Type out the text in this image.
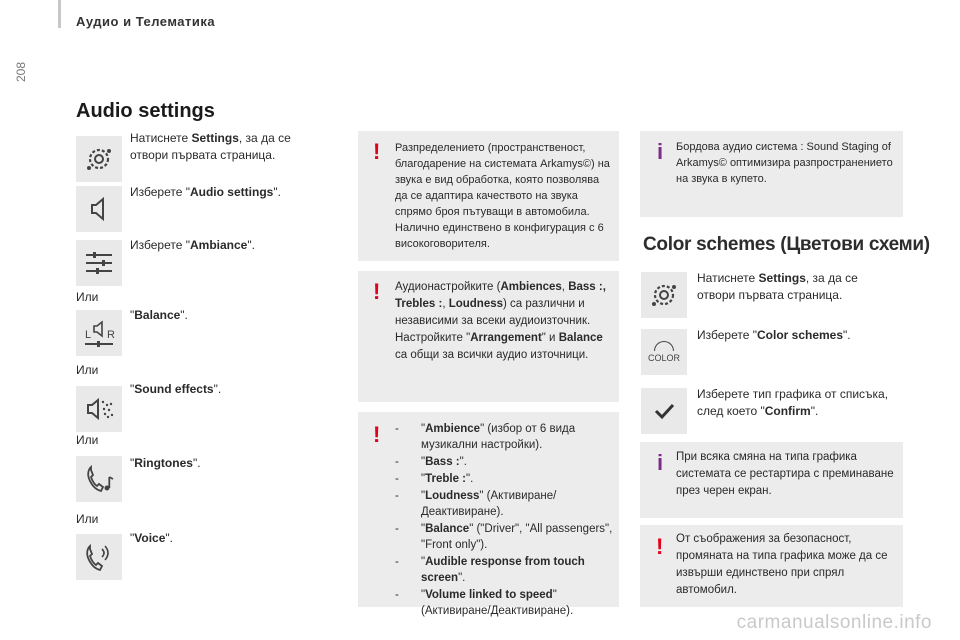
Аудио и Телематика
208
Audio settings
Натиснете Settings, за да се отвори първата страница.
Изберете "Audio settings".
Изберете "Ambiance".
Или
L R
"Balance".
Или
"Sound effects".
Или
"Ringtones".
Или
"Voice".
! Разпределението (пространственост, благодарение на системата Arkamys©) на звука е вид обработка, която позволява да се адаптира качеството на звука спрямо броя пътуващи в автомобила. Налично единствено в конфигурация с 6 високоговорителя.
! Аудионастройките (Ambiences, Bass :, Trebles :, Loudness) са различни и независими за всеки аудиоизточник.
Настройките "Arrangement" и Balance са общи за всички аудио източници.
! - "Ambience" (избор от 6 вида музикални настройки).
- "Bass :".
- "Treble :".
- "Loudness" (Активиране/Деактивиране).
- "Balance" ("Driver", "All passengers", "Front only").
- "Audible response from touch screen".
- "Volume linked to speed" (Активиране/Деактивиране).
i Бордова аудио система : Sound Staging of Arkamys© оптимизира разпространението на звука в купето.
Color schemes (Цветови схеми)
Натиснете Settings, за да се отвори първата страница.
COLOR
Изберете "Color schemes".
Изберете тип графика от списъка, след което "Confirm".
i При всяка смяна на типа графика системата се рестартира с преминаване през черен екран.
! От съображения за безопасност, промяната на типа графика може да се извърши единствено при спрял автомобил.
carmanualsonline.info
